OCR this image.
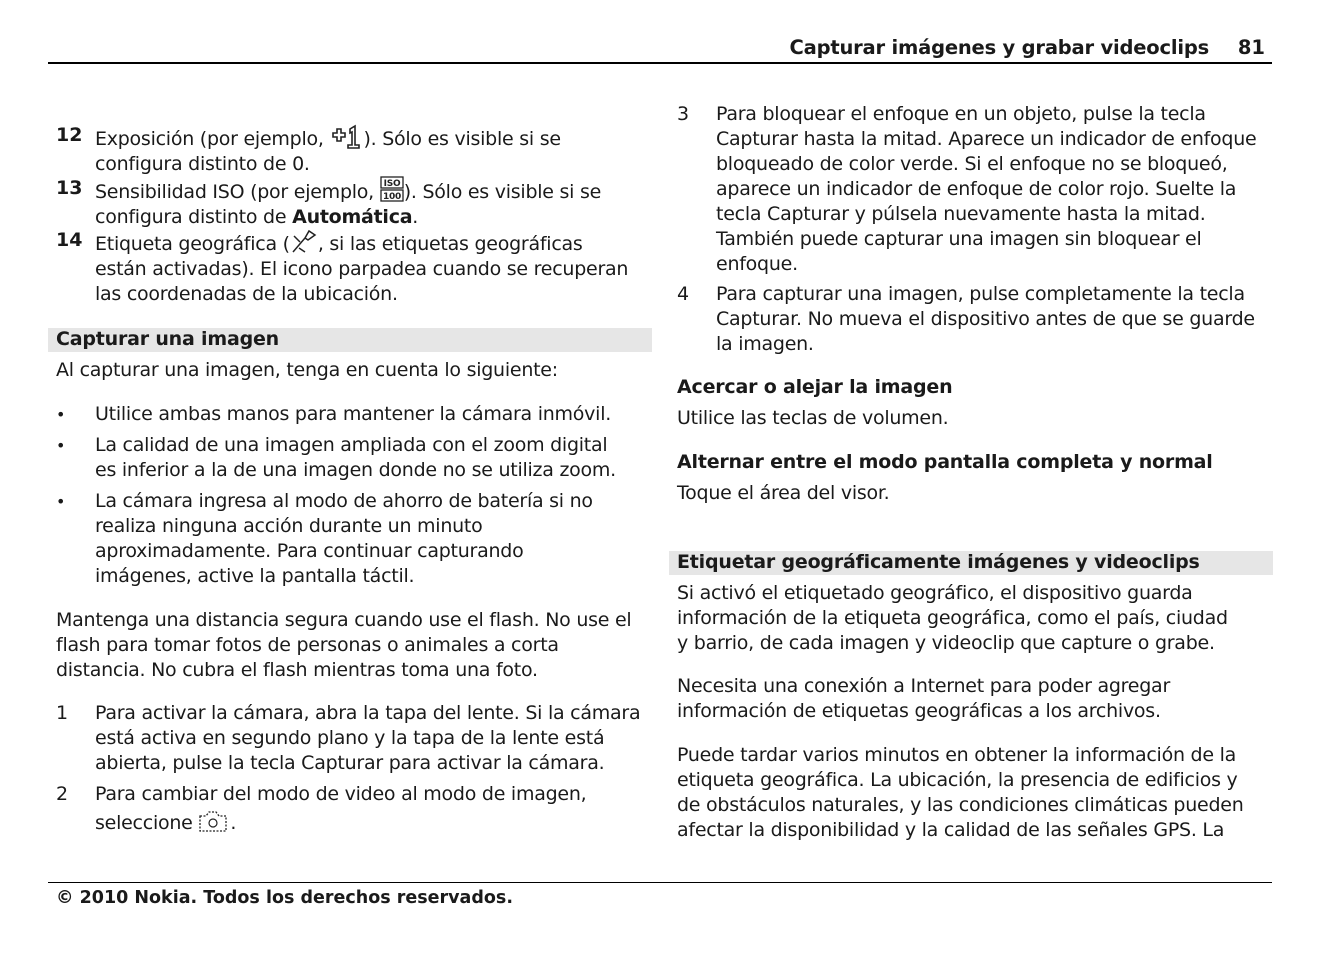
Capturar imágenes y grabar videoclips 81
12 Exposición (por ejemplo, ). Sólo es visible si se
configura distinto de 0.
13 Sensibilidad ISO (por ejemplo, ISO
100 ). Sólo es visible si se
configura distinto de Automática.
14 Etiqueta geográfica ( , si las etiquetas geográficas
están activadas). El icono parpadea cuando se recuperan
las coordenadas de la ubicación.
Capturar una imagen
Al capturar una imagen, tenga en cuenta lo siguiente:
• Utilice ambas manos para mantener la cámara inmóvil.
• La calidad de una imagen ampliada con el zoom digital
es inferior a la de una imagen donde no se utiliza zoom.
• La cámara ingresa al modo de ahorro de batería si no
realiza ninguna acción durante un minuto
aproximadamente. Para continuar capturando
imágenes, active la pantalla táctil.
Mantenga una distancia segura cuando use el flash. No use el
flash para tomar fotos de personas o animales a corta
distancia. No cubra el flash mientras toma una foto.
1	Para activar la cámara, abra la tapa del lente. Si la cámara
está activa en segundo plano y la tapa de la lente está
abierta, pulse la tecla Capturar para activar la cámara.
2	Para cambiar del modo de video al modo de imagen,
seleccione .
3	Para bloquear el enfoque en un objeto, pulse la tecla
Capturar hasta la mitad. Aparece un indicador de enfoque
bloqueado de color verde. Si el enfoque no se bloqueó,
aparece un indicador de enfoque de color rojo. Suelte la
tecla Capturar y púlsela nuevamente hasta la mitad.
También puede capturar una imagen sin bloquear el
enfoque.
4	Para capturar una imagen, pulse completamente la tecla
Capturar. No mueva el dispositivo antes de que se guarde
la imagen.
Acercar o alejar la imagen
Utilice las teclas de volumen.
Alternar entre el modo pantalla completa y normal
Toque el área del visor.
Etiquetar geográficamente imágenes y videoclips
Si activó el etiquetado geográfico, el dispositivo guarda
información de la etiqueta geográfica, como el país, ciudad
y barrio, de cada imagen y videoclip que capture o grabe.
Necesita una conexión a Internet para poder agregar
información de etiquetas geográficas a los archivos.
Puede tardar varios minutos en obtener la información de la
etiqueta geográfica. La ubicación, la presencia de edificios y
de obstáculos naturales, y las condiciones climáticas pueden
afectar la disponibilidad y la calidad de las señales GPS. La
© 2010 Nokia. Todos los derechos reservados.
